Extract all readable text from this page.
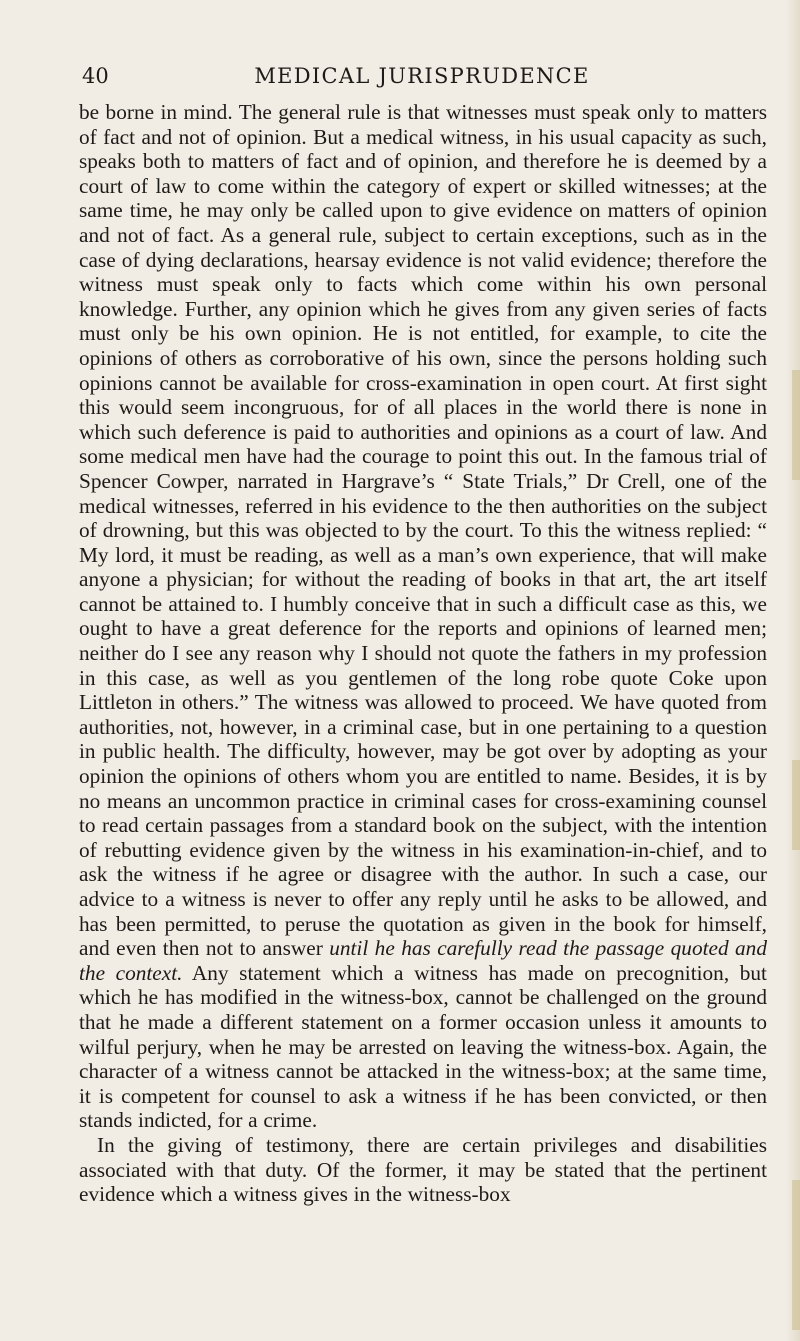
40	MEDICAL JURISPRUDENCE

be borne in mind. The general rule is that witnesses must speak only to matters of fact and not of opinion. But a medical witness, in his usual capacity as such, speaks both to matters of fact and of opinion, and therefore he is deemed by a court of law to come within the category of expert or skilled witnesses; at the same time, he may only be called upon to give evidence on matters of opinion and not of fact. As a general rule, subject to certain exceptions, such as in the case of dying declarations, hearsay evidence is not valid evidence; therefore the witness must speak only to facts which come within his own personal knowledge. Further, any opinion which he gives from any given series of facts must only be his own opinion. He is not entitled, for example, to cite the opinions of others as corroborative of his own, since the persons holding such opinions cannot be available for cross-examination in open court. At first sight this would seem incongruous, for of all places in the world there is none in which such deference is paid to authorities and opinions as a court of law. And some medical men have had the courage to point this out. In the famous trial of Spencer Cowper, narrated in Hargrave’s “ State Trials,” Dr Crell, one of the medical witnesses, referred in his evidence to the then authorities on the subject of drowning, but this was objected to by the court. To this the witness replied: “ My lord, it must be reading, as well as a man’s own experience, that will make anyone a physician; for without the reading of books in that art, the art itself cannot be attained to. I humbly conceive that in such a difficult case as this, we ought to have a great deference for the reports and opinions of learned men; neither do I see any reason why I should not quote the fathers in my profession in this case, as well as you gentlemen of the long robe quote Coke upon Littleton in others.” The witness was allowed to proceed. We have quoted from authorities, not, however, in a criminal case, but in one pertaining to a question in public health. The difficulty, however, may be got over by adopting as your opinion the opinions of others whom you are entitled to name. Besides, it is by no means an uncommon practice in criminal cases for cross-examining counsel to read certain passages from a standard book on the subject, with the intention of rebutting evidence given by the witness in his examination-in-chief, and to ask the witness if he agree or disagree with the author. In such a case, our advice to a witness is never to offer any reply until he asks to be allowed, and has been permitted, to peruse the quotation as given in the book for himself, and even then not to answer until he has carefully read the passage quoted and the context. Any statement which a witness has made on precognition, but which he has modified in the witness-box, cannot be challenged on the ground that he made a different statement on a former occasion unless it amounts to wilful perjury, when he may be arrested on leaving the witness-box. Again, the character of a witness cannot be attacked in the witness-box; at the same time, it is competent for counsel to ask a witness if he has been convicted, or then stands indicted, for a crime.
In the giving of testimony, there are certain privileges and disabilities associated with that duty. Of the former, it may be stated that the pertinent evidence which a witness gives in the witness-box
